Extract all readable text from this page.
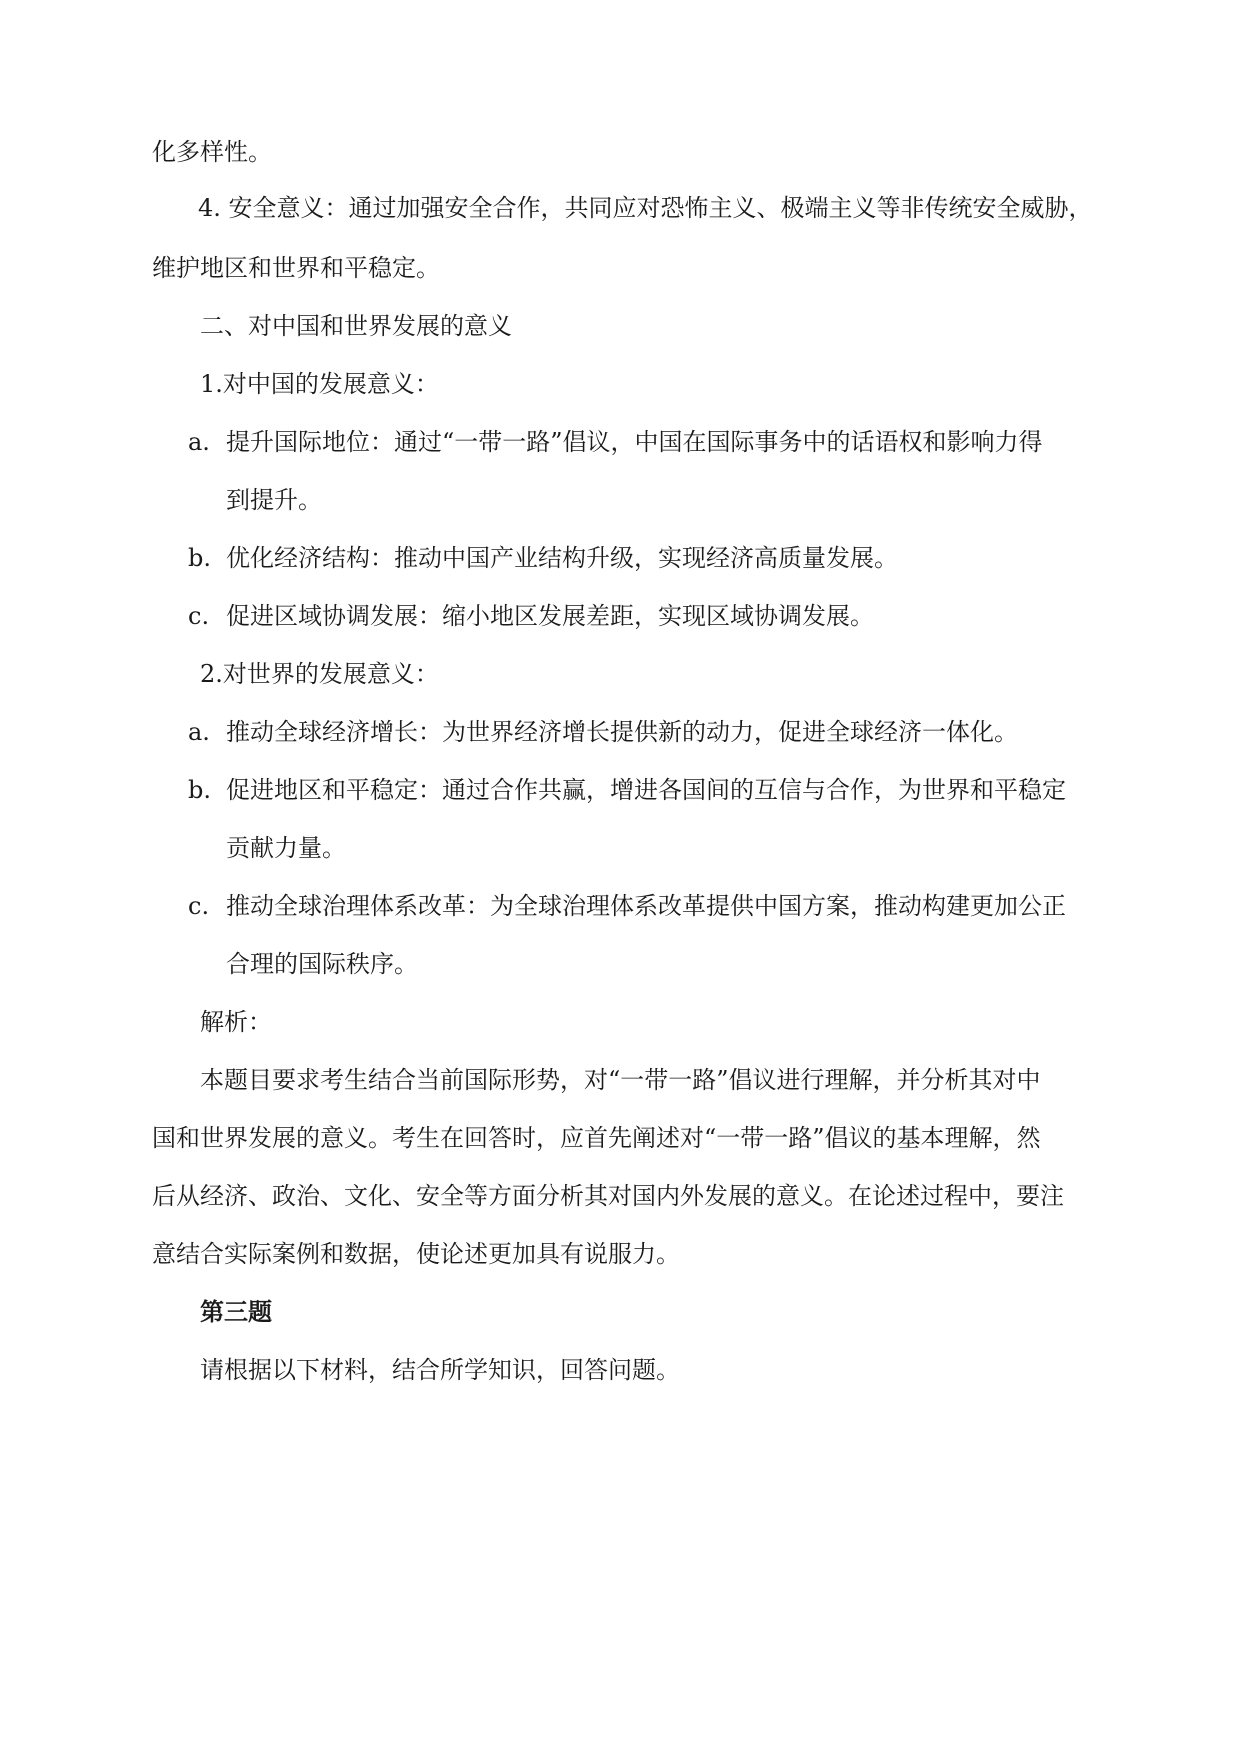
化多样性。
4. 安全意义：通过加强安全合作，共同应对恐怖主义、极端主义等非传统安全威胁，
维护地区和世界和平稳定。
二、对中国和世界发展的意义
1.对中国的发展意义：
a. 提升国际地位：通过“一带一路”倡议，中国在国际事务中的话语权和影响力得
到提升。
b. 优化经济结构：推动中国产业结构升级，实现经济高质量发展。
c. 促进区域协调发展：缩小地区发展差距，实现区域协调发展。
2.对世界的发展意义：
a. 推动全球经济增长：为世界经济增长提供新的动力，促进全球经济一体化。
b. 促进地区和平稳定：通过合作共赢，增进各国间的互信与合作，为世界和平稳定
贡献力量。
c. 推动全球治理体系改革：为全球治理体系改革提供中国方案，推动构建更加公正
合理的国际秩序。
解析：
本题目要求考生结合当前国际形势，对“一带一路”倡议进行理解，并分析其对中
国和世界发展的意义。考生在回答时，应首先阐述对“一带一路”倡议的基本理解，然
后从经济、政治、文化、安全等方面分析其对国内外发展的意义。在论述过程中，要注
意结合实际案例和数据，使论述更加具有说服力。
第三题
请根据以下材料，结合所学知识，回答问题。
